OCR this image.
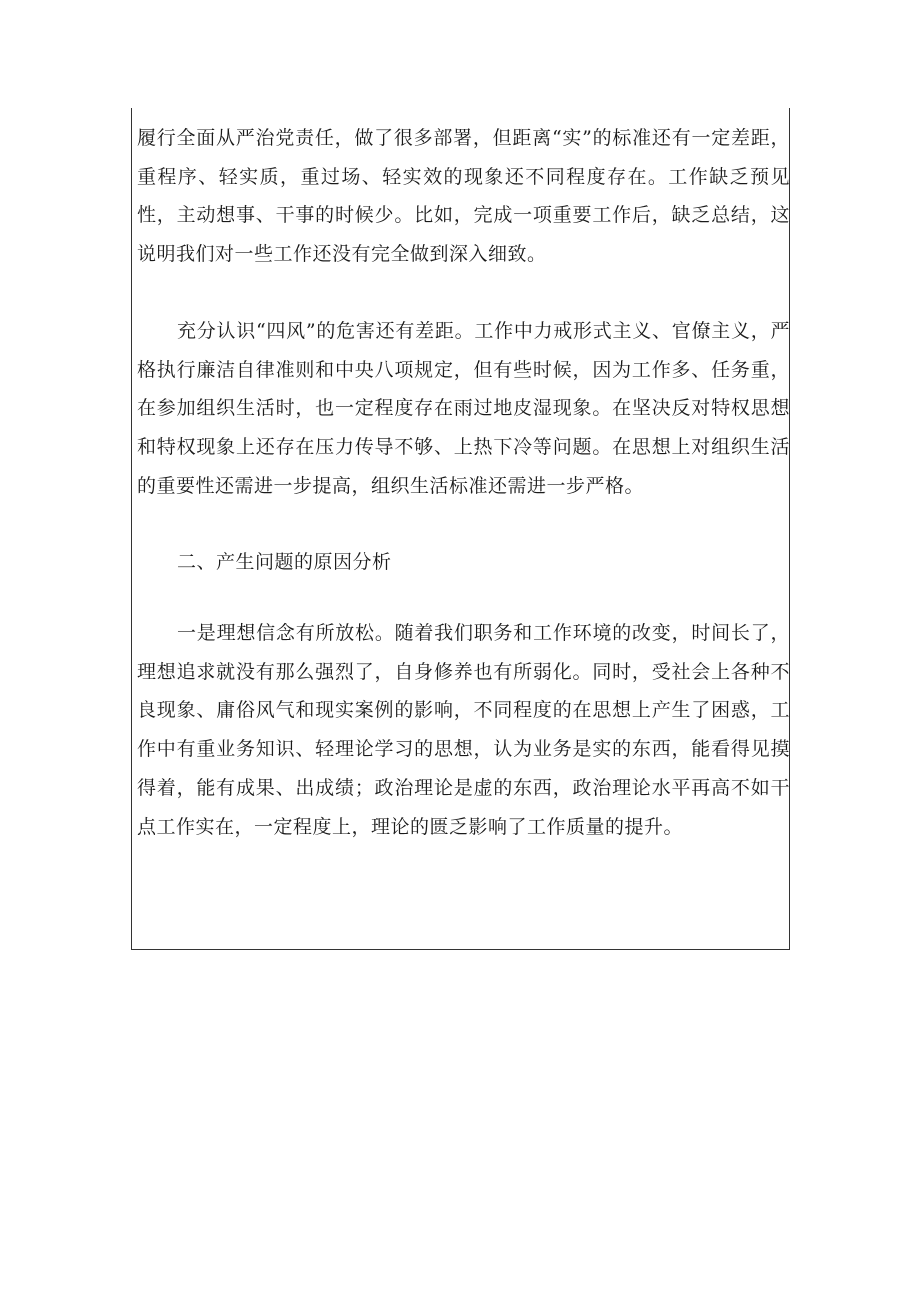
履行全面从严治党责任，做了很多部署，但距离“实”的标准还有一定差距，重程序、轻实质，重过场、轻实效的现象还不同程度存在。工作缺乏预见性，主动想事、干事的时候少。比如，完成一项重要工作后，缺乏总结，这说明我们对一些工作还没有完全做到深入细致。

充分认识“四风”的危害还有差距。工作中力戒形式主义、官僚主义，严格执行廉洁自律准则和中央八项规定，但有些时候，因为工作多、任务重，在参加组织生活时，也一定程度存在雨过地皮湿现象。在坚决反对特权思想和特权现象上还存在压力传导不够、上热下冷等问题。在思想上对组织生活的重要性还需进一步提高，组织生活标准还需进一步严格。

二、产生问题的原因分析

一是理想信念有所放松。随着我们职务和工作环境的改变，时间长了，理想追求就没有那么强烈了，自身修养也有所弱化。同时，受社会上各种不良现象、庸俗风气和现实案例的影响，不同程度的在思想上产生了困惑，工作中有重业务知识、轻理论学习的思想，认为业务是实的东西，能看得见摸得着，能有成果、出成绩；政治理论是虚的东西，政治理论水平再高不如干点工作实在，一定程度上，理论的匮乏影响了工作质量的提升。
